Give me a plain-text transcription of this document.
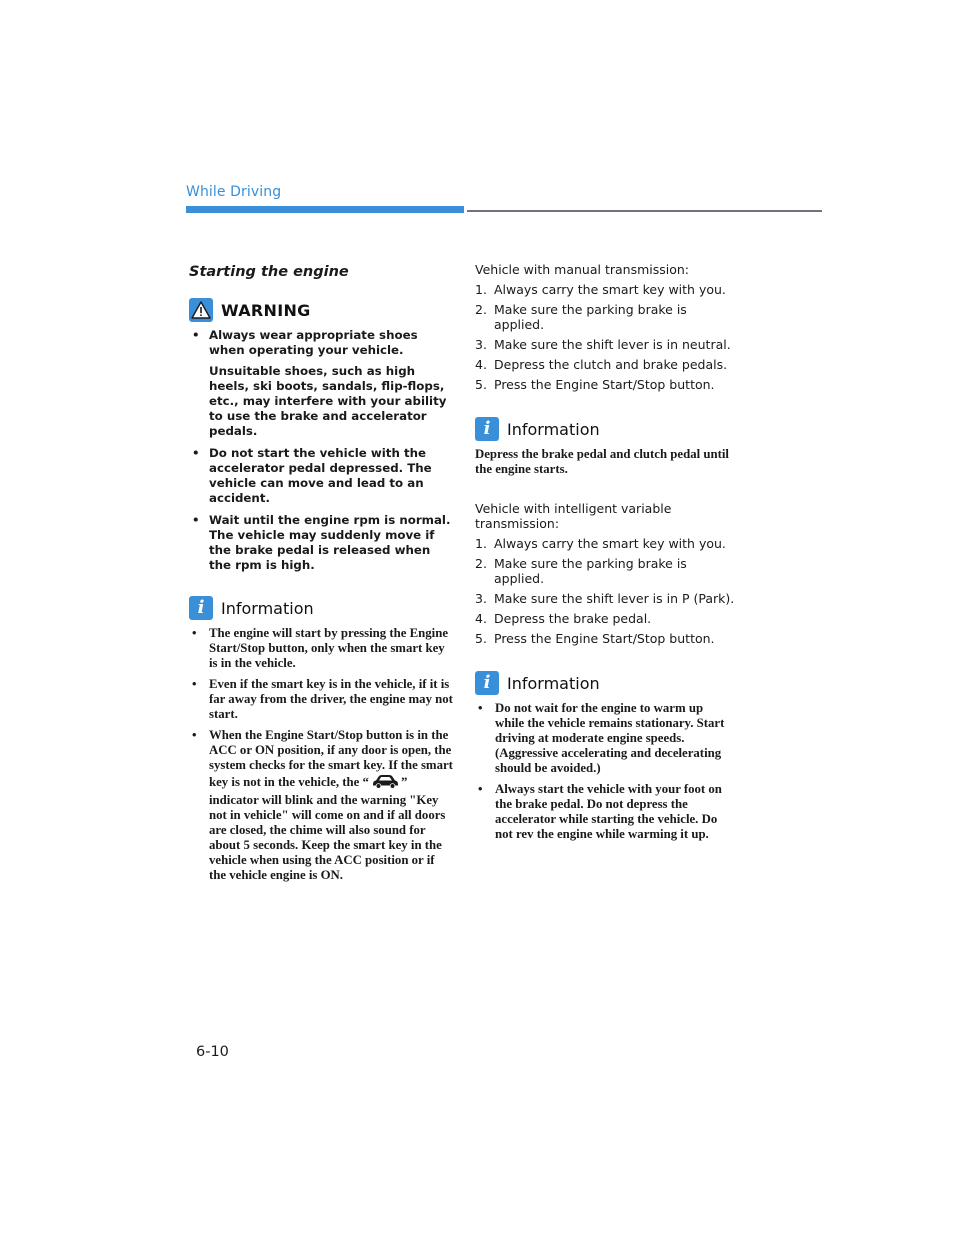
While Driving
Starting the engine
WARNING

• Always wear appropriate shoes when operating your vehicle.

Unsuitable shoes, such as high heels, ski boots, sandals, flip-flops, etc., may interfere with your ability to use the brake and accelerator pedals.

• Do not start the vehicle with the accelerator pedal depressed. The vehicle can move and lead to an accident.

• Wait until the engine rpm is normal. The vehicle may suddenly move if the brake pedal is released when the rpm is high.

i Information
• The engine will start by pressing the Engine Start/Stop button, only when the smart key is in the vehicle.
• Even if the smart key is in the vehicle, if it is far away from the driver, the engine may not start.
• When the Engine Start/Stop button is in the ACC or ON position, if any door is open, the system checks for the smart key. If the smart key is not in the vehicle, the “	” indicator will blink and the warning "Key not in vehicle" will come on and if all doors are closed, the chime will also sound for about 5 seconds. Keep the smart key in the vehicle when using the ACC position or if the vehicle engine is ON.

Vehicle with manual transmission:

1. Always carry the smart key with you.
2. Make sure the parking brake is applied.
3. Make sure the shift lever is in neutral.
4. Depress the clutch and brake pedals.
5. Press the Engine Start/Stop button.
i Information

Depress the brake pedal and clutch pedal until the engine starts.

Vehicle with intelligent variable transmission:

1. Always carry the smart key with you.
2. Make sure the parking brake is applied.
3. Make sure the shift lever is in P (Park).
4. Depress the brake pedal.
5. Press the Engine Start/Stop button.
i Information
• Do not wait for the engine to warm up while the vehicle remains stationary. Start driving at moderate engine speeds. (Aggressive accelerating and decelerating should be avoided.)
• Always start the vehicle with your foot on the brake pedal. Do not depress the accelerator while starting the vehicle. Do not rev the engine while warming it up.
6-10
